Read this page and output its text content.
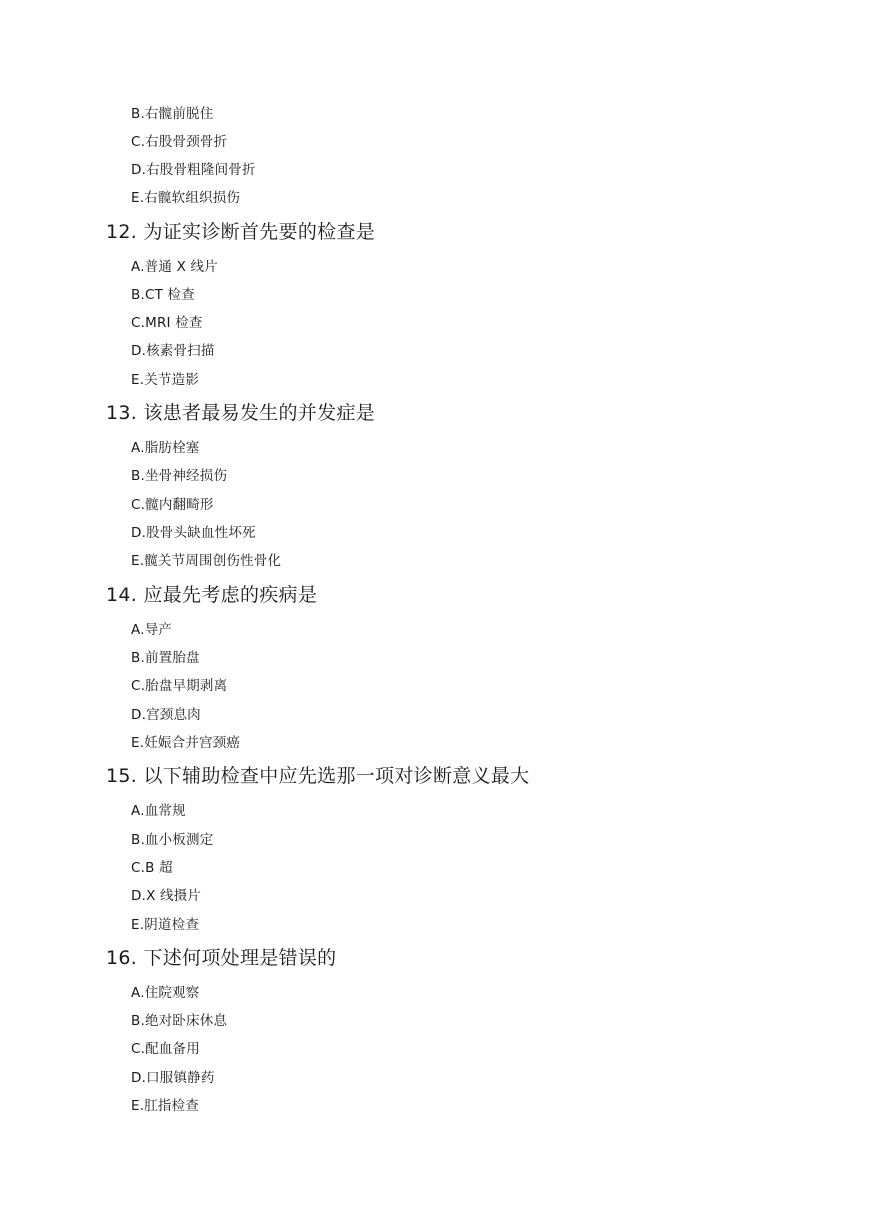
B.右髋前脱住
C.右股骨颈骨折
D.右股骨粗隆间骨折
E.右髋软组织损伤
12. 为证实诊断首先要的检查是
A.普通 X 线片
B.CT 检查
C.MRI 检查
D.核素骨扫描
E.关节造影
13. 该患者最易发生的并发症是
A.脂肪栓塞
B.坐骨神经损伤
C.髋内翻畸形
D.股骨头缺血性坏死
E.髋关节周围创伤性骨化
14. 应最先考虑的疾病是
A.导产
B.前置胎盘
C.胎盘早期剥离
D.宫颈息肉
E.妊娠合并宫颈癌
15. 以下辅助检查中应先选那一项对诊断意义最大
A.血常规
B.血小板测定
C.B 超
D.X 线摄片
E.阴道检查
16. 下述何项处理是错误的
A.住院观察
B.绝对卧床休息
C.配血备用
D.口服镇静药
E.肛指检查
